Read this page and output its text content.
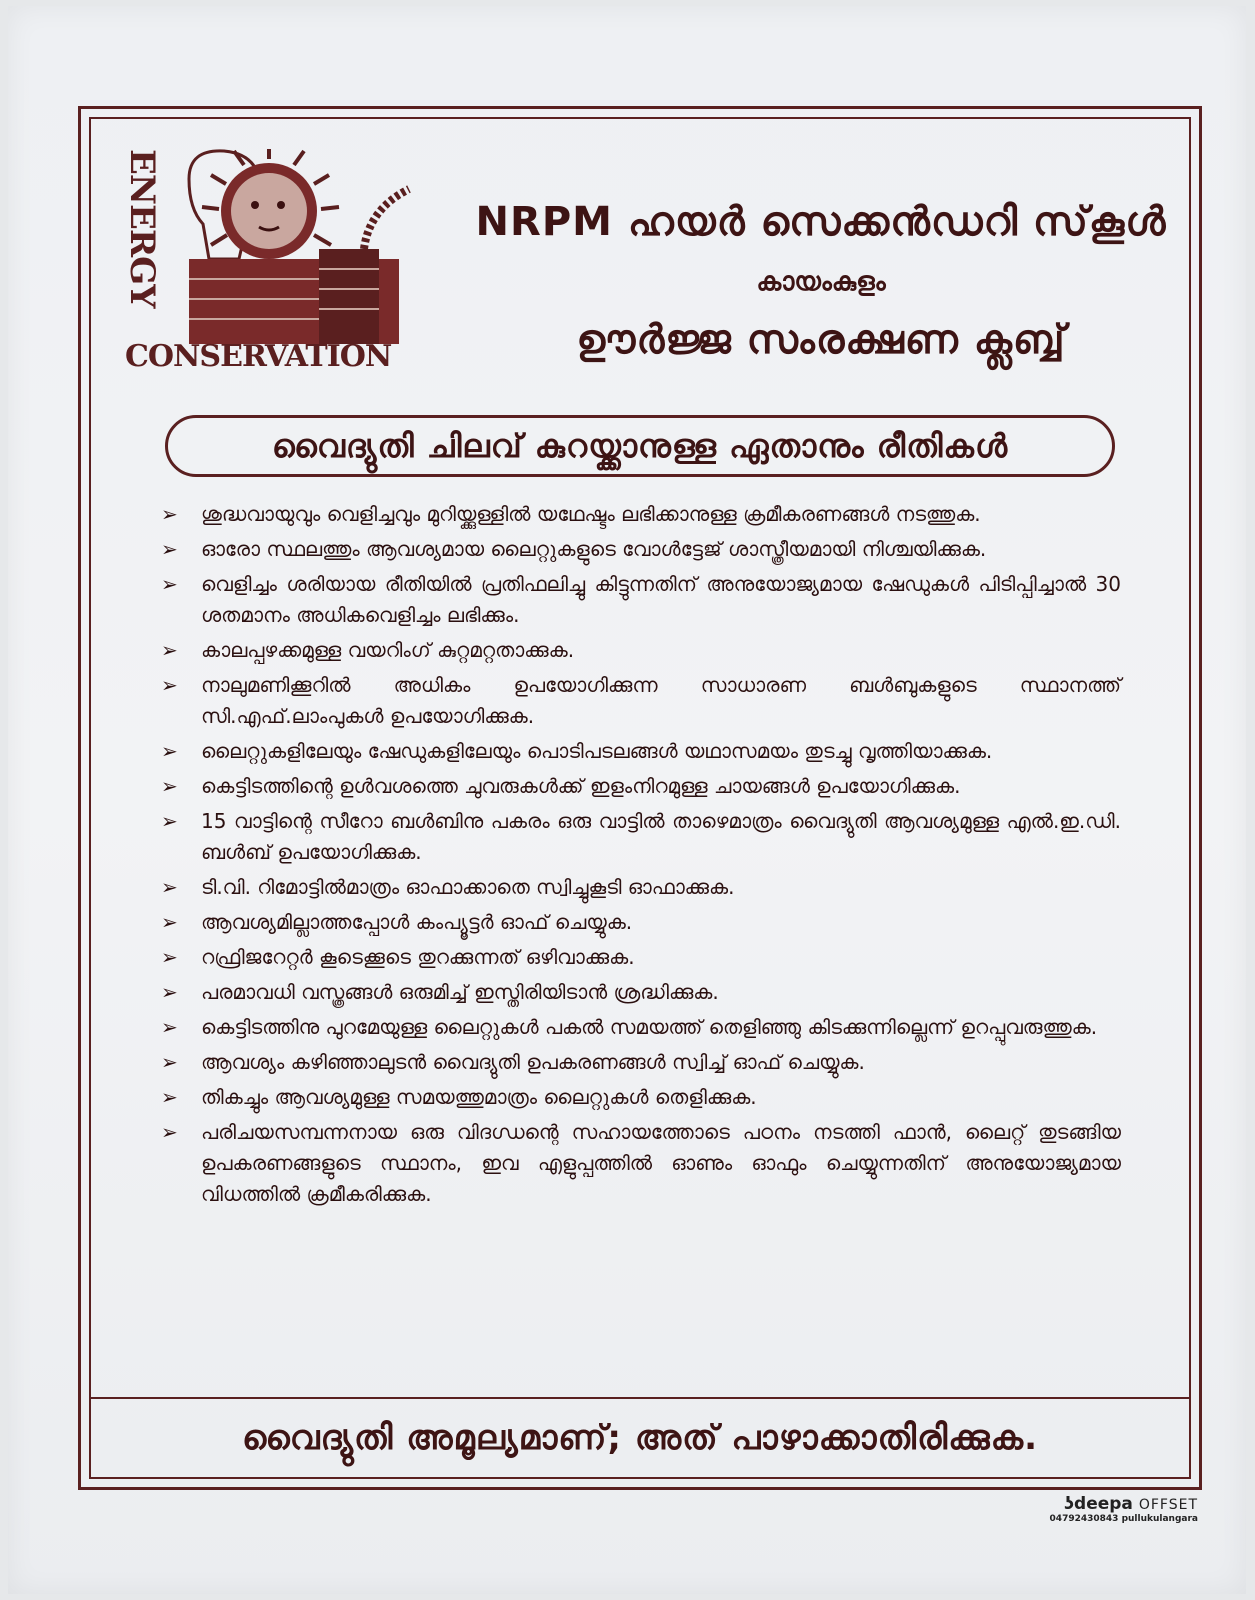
ENERGY
CONSERVATION
NRPM ഹയർ സെക്കൻഡറി സ്‌കൂൾ
കായംകുളം
ഊർജ്ജ സംരക്ഷണ ക്ലബ്ബ്
വൈദ്യുതി ചിലവ് കുറയ്ക്കാനുള്ള ഏതാനും രീതികൾ
➢ ശുദ്ധവായുവും വെളിച്ചവും മുറിയ്ക്കുള്ളിൽ യഥേഷ്ടം ലഭിക്കാനുള്ള ക്രമീകരണങ്ങൾ നടത്തുക.
➢ ഓരോ സ്ഥലത്തും ആവശ്യമായ ലൈറ്റുകളുടെ വോൾട്ടേജ് ശാസ്ത്രീയമായി നിശ്ചയിക്കുക.
➢ വെളിച്ചം ശരിയായ രീതിയിൽ പ്രതിഫലിച്ചു കിട്ടുന്നതിന് അനുയോജ്യമായ ഷേഡുകൾ പിടിപ്പിച്ചാൽ 30 ശതമാനം അധികവെളിച്ചം ലഭിക്കും.
➢ കാലപ്പഴക്കമുള്ള വയറിംഗ് കുറ്റമറ്റതാക്കുക.
➢ നാലുമണിക്കൂറിൽ അധികം ഉപയോഗിക്കുന്ന സാധാരണ ബൾബുകളുടെ സ്ഥാനത്ത് സി.എഫ്.ലാംപുകൾ ഉപയോഗിക്കുക.
➢ ലൈറ്റുകളിലേയും ഷേഡുകളിലേയും പൊടിപടലങ്ങൾ യഥാസമയം തുടച്ചു വൃത്തിയാക്കുക.
➢ കെട്ടിടത്തിന്റെ ഉൾവശത്തെ ചുവരുകൾക്ക് ഇളംനിറമുള്ള ചായങ്ങൾ ഉപയോഗിക്കുക.
➢ 15 വാട്ടിന്റെ സീറോ ബൾബിനു പകരം ഒരു വാട്ടിൽ താഴെമാത്രം വൈദ്യുതി ആവശ്യമുള്ള എൽ.ഇ.ഡി. ബൾബ് ഉപയോഗിക്കുക.
➢ ടി.വി. റിമോട്ടിൽമാത്രം ഓഫാക്കാതെ സ്വിച്ചുകൂടി ഓഫാക്കുക.
➢ ആവശ്യമില്ലാത്തപ്പോൾ കംപ്യൂട്ടർ ഓഫ് ചെയ്യുക.
➢ റഫ്രിജറേറ്റർ കൂടെക്കൂടെ തുറക്കുന്നത് ഒഴിവാക്കുക.
➢ പരമാവധി വസ്ത്രങ്ങൾ ഒരുമിച്ച് ഇസ്തിരിയിടാൻ ശ്രദ്ധിക്കുക.
➢ കെട്ടിടത്തിനു പുറമേയുള്ള ലൈറ്റുകൾ പകൽ സമയത്ത് തെളിഞ്ഞു കിടക്കുന്നില്ലെന്ന് ഉറപ്പുവരുത്തുക.
➢ ആവശ്യം കഴിഞ്ഞാലുടൻ വൈദ്യുതി ഉപകരണങ്ങൾ സ്വിച്ച് ഓഫ് ചെയ്യുക.
➢ തികച്ചും ആവശ്യമുള്ള സമയത്തുമാത്രം ലൈറ്റുകൾ തെളിക്കുക.
➢ പരിചയസമ്പന്നനായ ഒരു വിദഗ്ധന്റെ സഹായത്തോടെ പഠനം നടത്തി ഫാൻ, ലൈറ്റ് തുടങ്ങിയ ഉപകരണങ്ങളുടെ സ്ഥാനം, ഇവ എളുപ്പത്തിൽ ഓണും ഓഫും ചെയ്യുന്നതിന് അനുയോജ്യമായ വിധത്തിൽ ക്രമീകരിക്കുക.
വൈദ്യുതി അമൂല്യമാണ്; അത് പാഴാക്കാതിരിക്കുക.
ʖdeepa OFFSET
04792430843 pullukulangara
